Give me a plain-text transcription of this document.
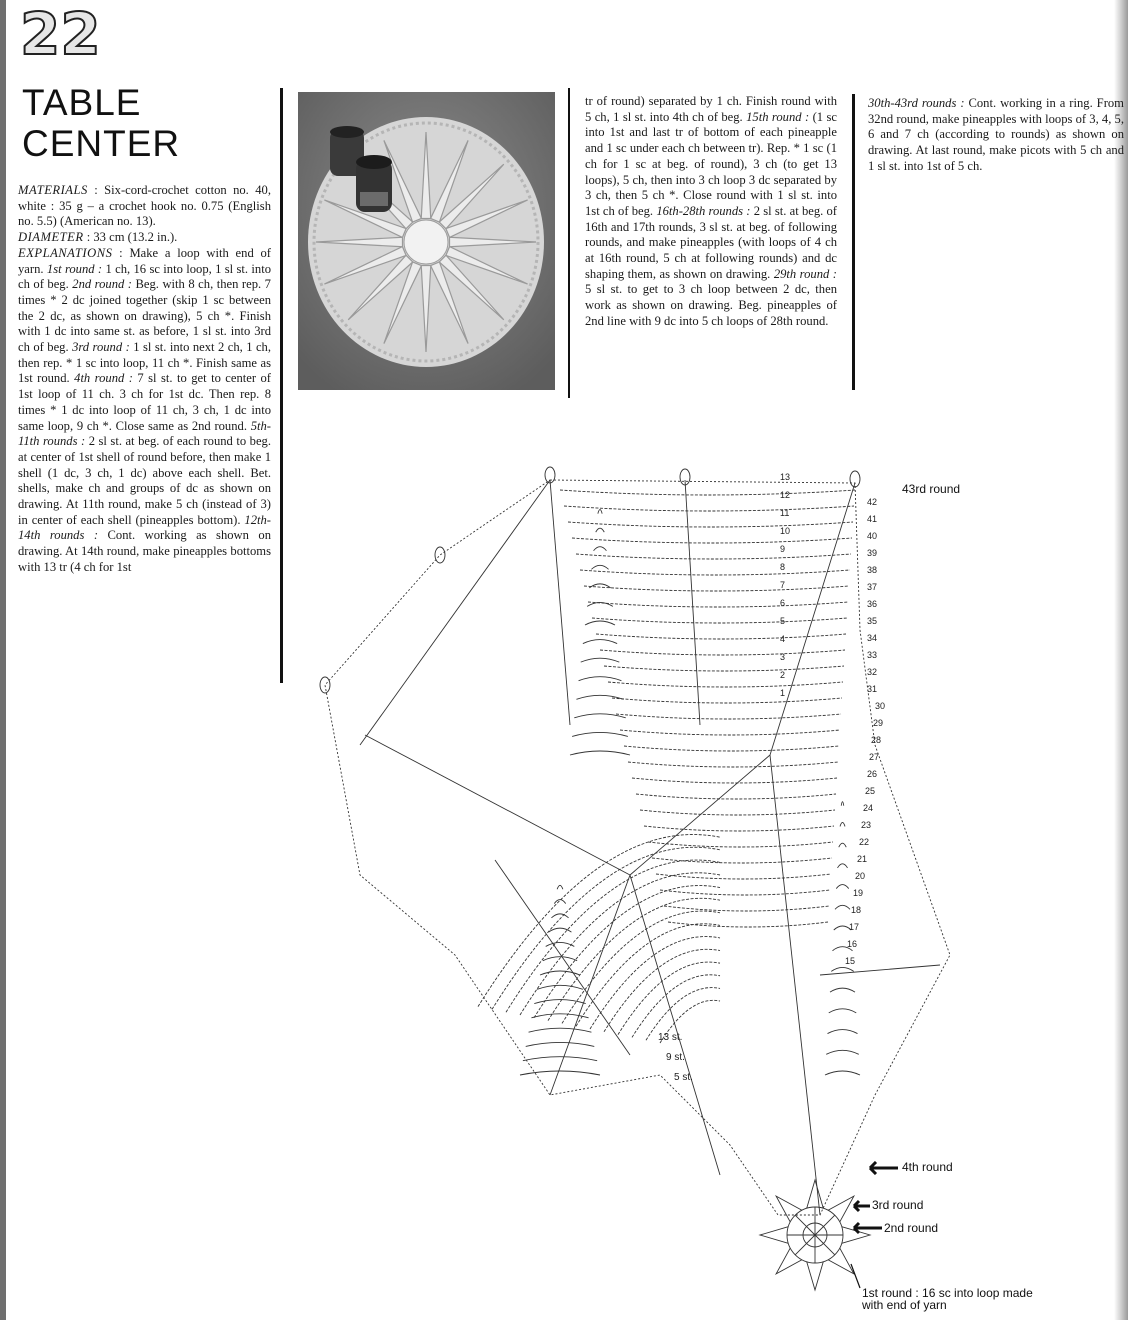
22
TABLE
CENTER

MATERIALS : Six-cord-crochet cotton no. 40, white : 35 g – a crochet hook no. 0.75 (English no. 5.5) (American no. 13).

DIAMETER : 33 cm (13.2 in.).

EXPLANATIONS : Make a loop with end of yarn. 1st round : 1 ch, 16 sc into loop, 1 sl st. into ch of beg. 2nd round : Beg. with 8 ch, then rep. 7 times * 2 dc joined together (skip 1 sc between the 2 dc, as shown on drawing), 5 ch *. Finish with 1 dc into same st. as before, 1 sl st. into 3rd ch of beg. 3rd round : 1 sl st. into next 2 ch, 1 ch, then rep. * 1 sc into loop, 11 ch *. Finish same as 1st round. 4th round : 7 sl st. to get to center of 1st loop of 11 ch. 3 ch for 1st dc. Then rep. 8 times * 1 dc into loop of 11 ch, 3 ch, 1 dc into same loop, 9 ch *. Close same as 2nd round. 5th-11th rounds : 2 sl st. at beg. of each round to beg. at center of 1st shell of round before, then make 1 shell (1 dc, 3 ch, 1 dc) above each shell. Bet. shells, make ch and groups of dc as shown on drawing. At 11th round, make 5 ch (instead of 3) in center of each shell (pineapples bottom). 12th-14th rounds : Cont. working as shown on drawing. At 14th round, make pineapples bottoms with 13 tr (4 ch for 1st

tr of round) separated by 1 ch. Finish round with 5 ch, 1 sl st. into 4th ch of beg. 15th round : (1 sc into 1st and last tr of bottom of each pineapple and 1 sc under each ch between tr). Rep. * 1 sc (1 ch for 1 sc at beg. of round), 3 ch (to get 13 loops), 5 ch, then into 3 ch loop 3 dc separated by 3 ch, then 5 ch *. Close round with 1 sl st. into 1st ch of beg. 16th-28th rounds : 2 sl st. at beg. of 16th and 17th rounds, 3 sl st. at beg. of following rounds, and make pineapples (with loops of 4 ch at 16th round, 5 ch at following rounds) and dc shaping them, as shown on drawing. 29th round : 5 sl st. to get to 3 ch loop between 2 dc, then work as shown on drawing. Beg. pineapples of 2nd line with 9 dc into 5 ch loops of 28th round.

30th-43rd rounds : Cont. working in a ring. From 32nd round, make pineapples with loops of 3, 4, 5, 6 and 7 ch (according to rounds) as shown on drawing. At last round, make picots with 5 ch and 1 sl st. into 1st of 5 ch.

42
41
40
39
38
37
36
35
34
33
32
31
30
29
28
27
26
25
24
23
22
21
20
19
18
17
16
15
13
12
11
10
9
8
7
6
5
4
3
2
1
13 st.
9 st.
5 st.
43rd round
4th round
3rd round
2nd round
1st round : 16 sc into loop made
with end of yarn
